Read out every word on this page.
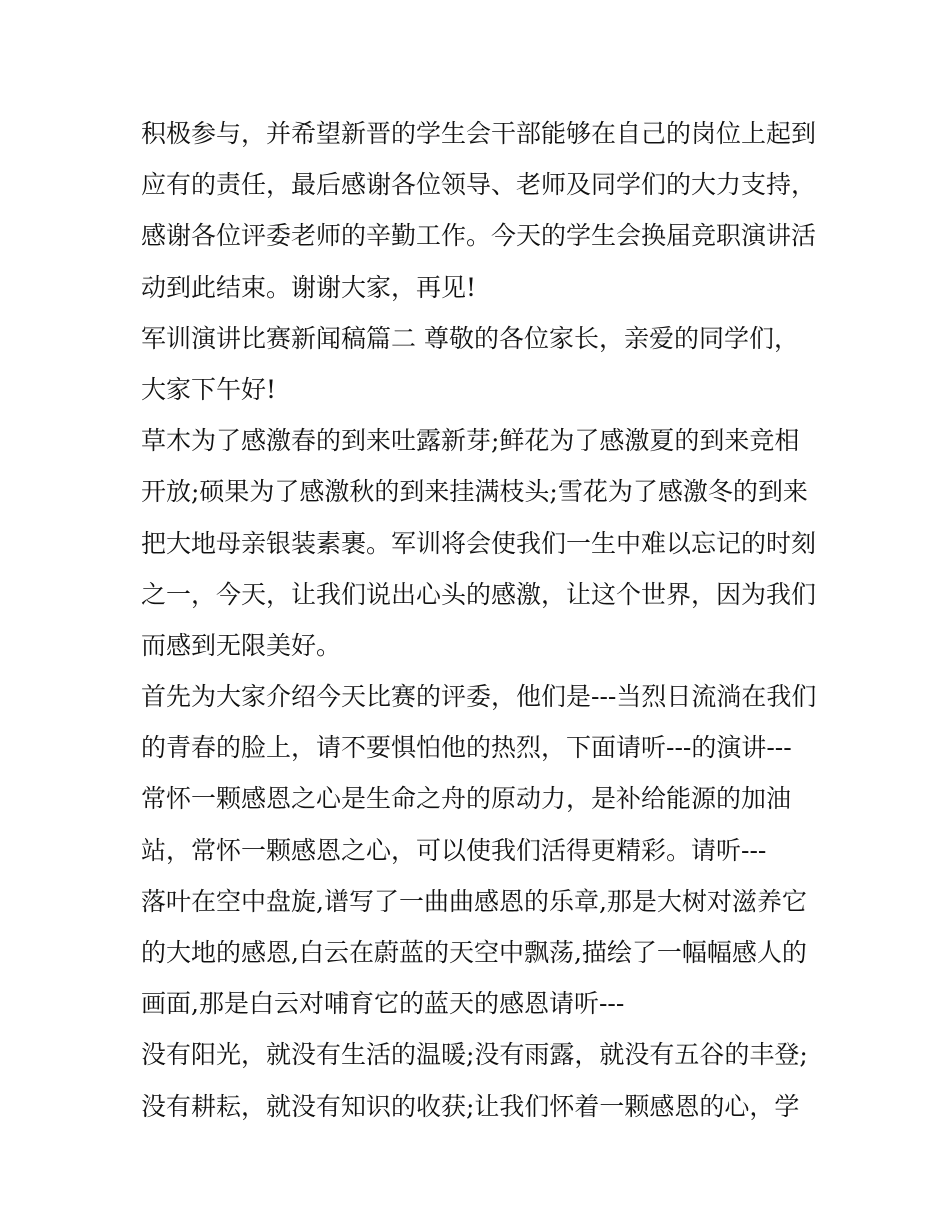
积极参与，并希望新晋的学生会干部能够在自己的岗位上起到
应有的责任，最后感谢各位领导、老师及同学们的大力支持，
感谢各位评委老师的辛勤工作。今天的学生会换届竞职演讲活
动到此结束。谢谢大家，再见!
军训演讲比赛新闻稿篇二 尊敬的各位家长，亲爱的同学们，
大家下午好!
草木为了感激春的到来吐露新芽;鲜花为了感激夏的到来竞相
开放;硕果为了感激秋的到来挂满枝头;雪花为了感激冬的到来
把大地母亲银装素裹。军训将会使我们一生中难以忘记的时刻
之一，今天，让我们说出心头的感激，让这个世界，因为我们
而感到无限美好。
首先为大家介绍今天比赛的评委，他们是---当烈日流淌在我们
的青春的脸上，请不要惧怕他的热烈，下面请听---的演讲---
常怀一颗感恩之心是生命之舟的原动力，是补给能源的加油
站，常怀一颗感恩之心，可以使我们活得更精彩。请听---
落叶在空中盘旋,谱写了一曲曲感恩的乐章,那是大树对滋养它
的大地的感恩,白云在蔚蓝的天空中飘荡,描绘了一幅幅感人的
画面,那是白云对哺育它的蓝天的感恩请听---
没有阳光，就没有生活的温暖;没有雨露，就没有五谷的丰登;
没有耕耘，就没有知识的收获;让我们怀着一颗感恩的心，学
